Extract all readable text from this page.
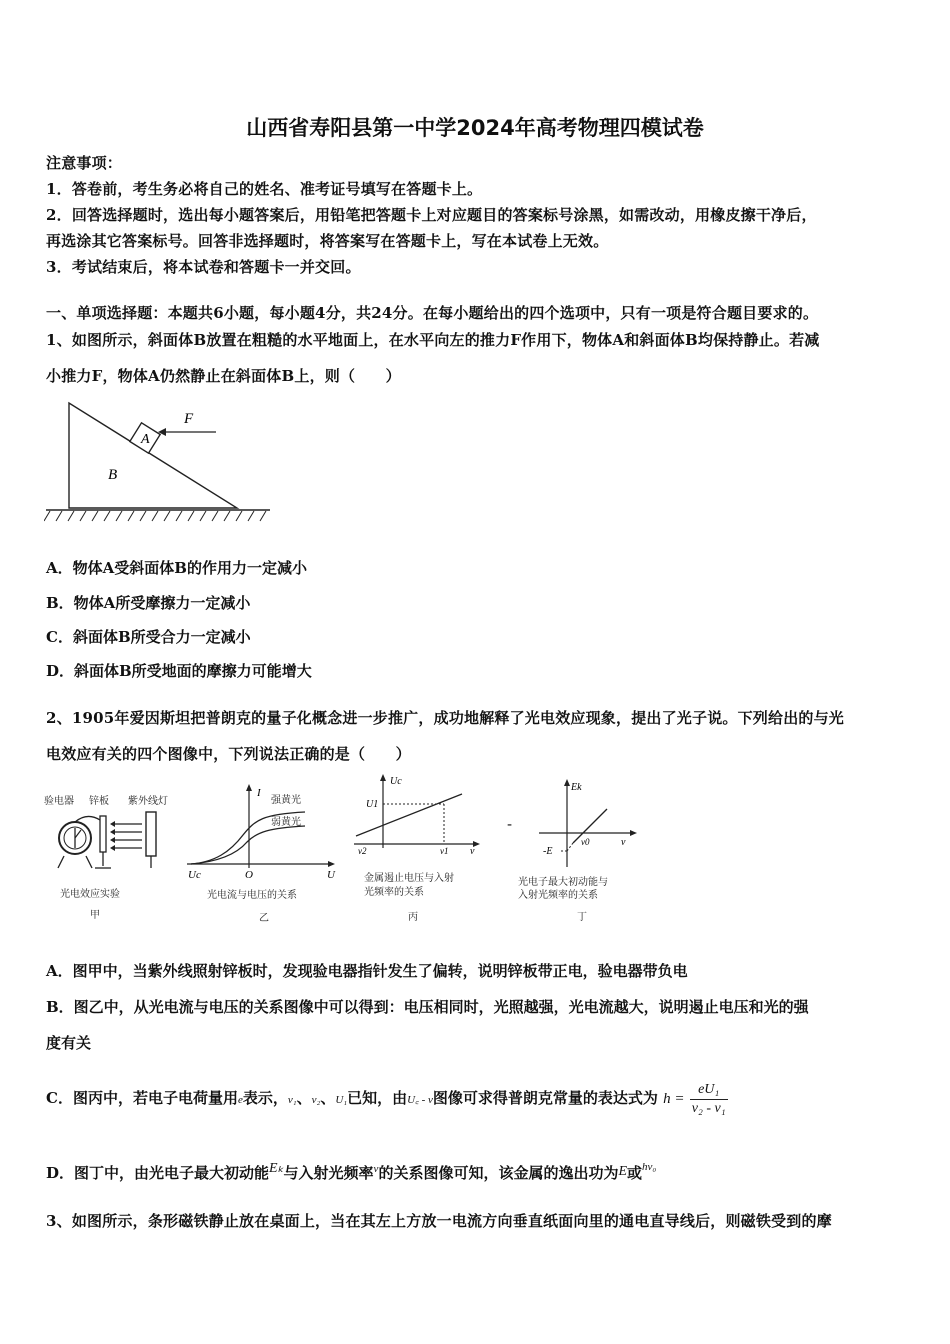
山西省寿阳县第一中学2024年高考物理四模试卷
注意事项：
1．答卷前，考生务必将自己的姓名、准考证号填写在答题卡上。
2．回答选择题时，选出每小题答案后，用铅笔把答题卡上对应题目的答案标号涂黑，如需改动，用橡皮擦干净后，
再选涂其它答案标号。回答非选择题时，将答案写在答题卡上，写在本试卷上无效。
3．考试结束后，将本试卷和答题卡一并交回。
一、单项选择题：本题共6小题，每小题4分，共24分。在每小题给出的四个选项中，只有一项是符合题目要求的。
1、如图所示，斜面体B放置在粗糙的水平地面上，在水平向左的推力F作用下，物体A和斜面体B均保持静止。若减
小推力F，物体A仍然静止在斜面体B上，则（　　）
A
B
F
A．物体A受斜面体B的作用力一定减小
B．物体A所受摩擦力一定减小
C．斜面体B所受合力一定减小
D．斜面体B所受地面的摩擦力可能增大
2、1905年爱因斯坦把普朗克的量子化概念进一步推广，成功地解释了光电效应现象，提出了光子说。下列给出的与光
电效应有关的四个图像中，下列说法正确的是（　　）
验电器 锌板 紫外线灯
光电效应实验
甲
I
强黄光
弱黄光
Uc	O	U
光电流与电压的关系
乙
Uc
U1
ν2	ν1 ν
金属遏止电压与入射
光频率的关系
丙
-
Ek
-E
ν0	ν
光电子最大初动能与
入射光频率的关系
丁
A．图甲中，当紫外线照射锌板时，发现验电器指针发生了偏转，说明锌板带正电，验电器带负电
B．图乙中，从光电流与电压的关系图像中可以得到：电压相同时，光照越强，光电流越大，说明遏止电压和光的强
度有关
C．图丙中，若电子电荷量用e表示，v₁、v₂、U₁已知，由U꜀ - v图像可求得普朗克常量的表达式为 $h = \frac{\text{eU₁}}{\text{v₂ - v₁}}$
D．图丁中，由光电子最大初动能Eₖ与入射光频率$^\nu$的关系图像可知，该金属的逸出功为E或$^{h\nu_0}$
3、如图所示，条形磁铁静止放在桌面上，当在其左上方放一电流方向垂直纸面向里的通电直导线后，则磁铁受到的摩
